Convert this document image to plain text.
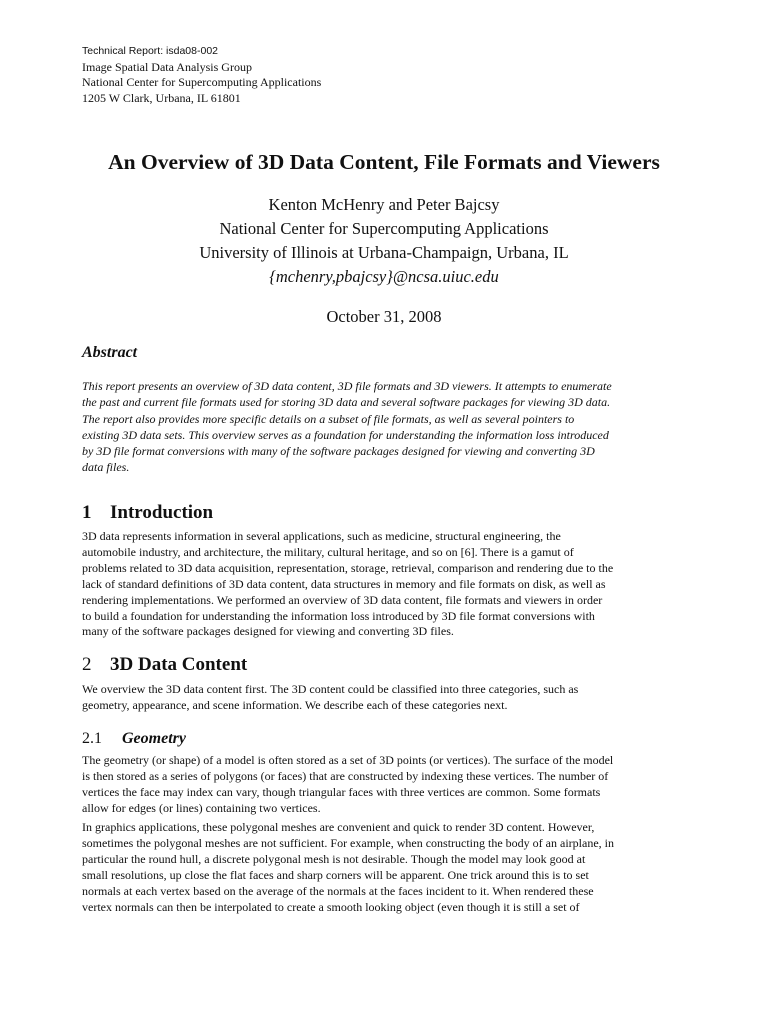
Technical Report: isda08-002
Image Spatial Data Analysis Group
National Center for Supercomputing Applications
1205 W Clark, Urbana, IL 61801
An Overview of 3D Data Content, File Formats and Viewers
Kenton McHenry and Peter Bajcsy
National Center for Supercomputing Applications
University of Illinois at Urbana-Champaign, Urbana, IL
{mchenry,pbajcsy}@ncsa.uiuc.edu
October 31, 2008
Abstract
This report presents an overview of 3D data content, 3D file formats and 3D viewers. It attempts to enumerate
the past and current file formats used for storing 3D data and several software packages for viewing 3D data.
The report also provides more specific details on a subset of file formats, as well as several pointers to
existing 3D data sets. This overview serves as a foundation for understanding the information loss introduced
by 3D file format conversions with many of the software packages designed for viewing and converting 3D
data files.
1 Introduction
3D data represents information in several applications, such as medicine, structural engineering, the
automobile industry, and architecture, the military, cultural heritage, and so on [6]. There is a gamut of
problems related to 3D data acquisition, representation, storage, retrieval, comparison and rendering due to the
lack of standard definitions of 3D data content, data structures in memory and file formats on disk, as well as
rendering implementations. We performed an overview of 3D data content, file formats and viewers in order
to build a foundation for understanding the information loss introduced by 3D file format conversions with
many of the software packages designed for viewing and converting 3D files.
2 3D Data Content
We overview the 3D data content first. The 3D content could be classified into three categories, such as
geometry, appearance, and scene information. We describe each of these categories next.
2.1 Geometry
The geometry (or shape) of a model is often stored as a set of 3D points (or vertices). The surface of the model
is then stored as a series of polygons (or faces) that are constructed by indexing these vertices. The number of
vertices the face may index can vary, though triangular faces with three vertices are common. Some formats
allow for edges (or lines) containing two vertices.
In graphics applications, these polygonal meshes are convenient and quick to render 3D content. However,
sometimes the polygonal meshes are not sufficient. For example, when constructing the body of an airplane, in
particular the round hull, a discrete polygonal mesh is not desirable. Though the model may look good at
small resolutions, up close the flat faces and sharp corners will be apparent. One trick around this is to set
normals at each vertex based on the average of the normals at the faces incident to it. When rendered these
vertex normals can then be interpolated to create a smooth looking object (even though it is still a set of
